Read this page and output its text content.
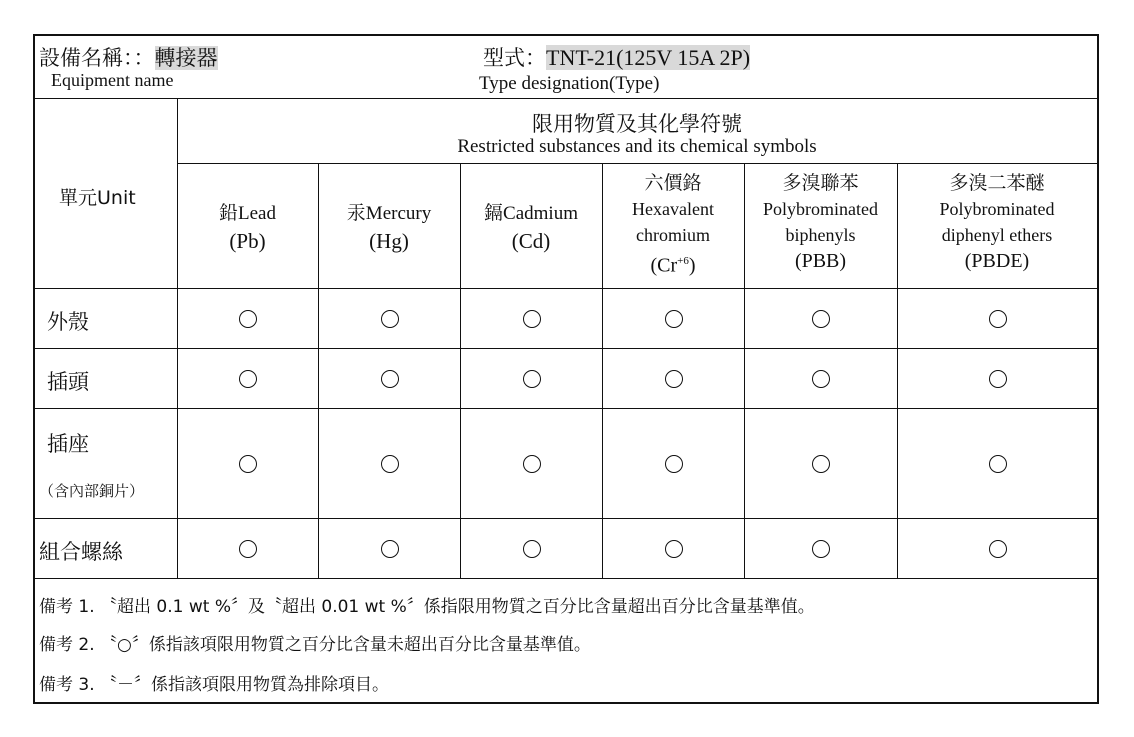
設備名稱：：轉接器
Equipment name
型式：TNT-21(125V 15A 2P)
Type designation(Type)
單元Unit
限用物質及其化學符號
Restricted substances and its chemical symbols
鉛Lead
(Pb)
汞Mercury
(Hg)
鎘Cadmium
(Cd)
六價鉻
Hexavalent
chromium
$(Cr^{+6})$
多溴聯苯
Polybrominated
biphenyls
(PBB)
多溴二苯醚
Polybrominated
diphenyl ethers
(PBDE)
外殼
插頭
插座
（含內部銅片）
組合螺絲
備考 1. 〝超出 0.1 wt %〞及〝超出 0.01 wt %〞係指限用物質之百分比含量超出百分比含量基準值。
備考 2. 〝○〞係指該項限用物質之百分比含量未超出百分比含量基準值。
備考 3. 〝－〞係指該項限用物質為排除項目。
